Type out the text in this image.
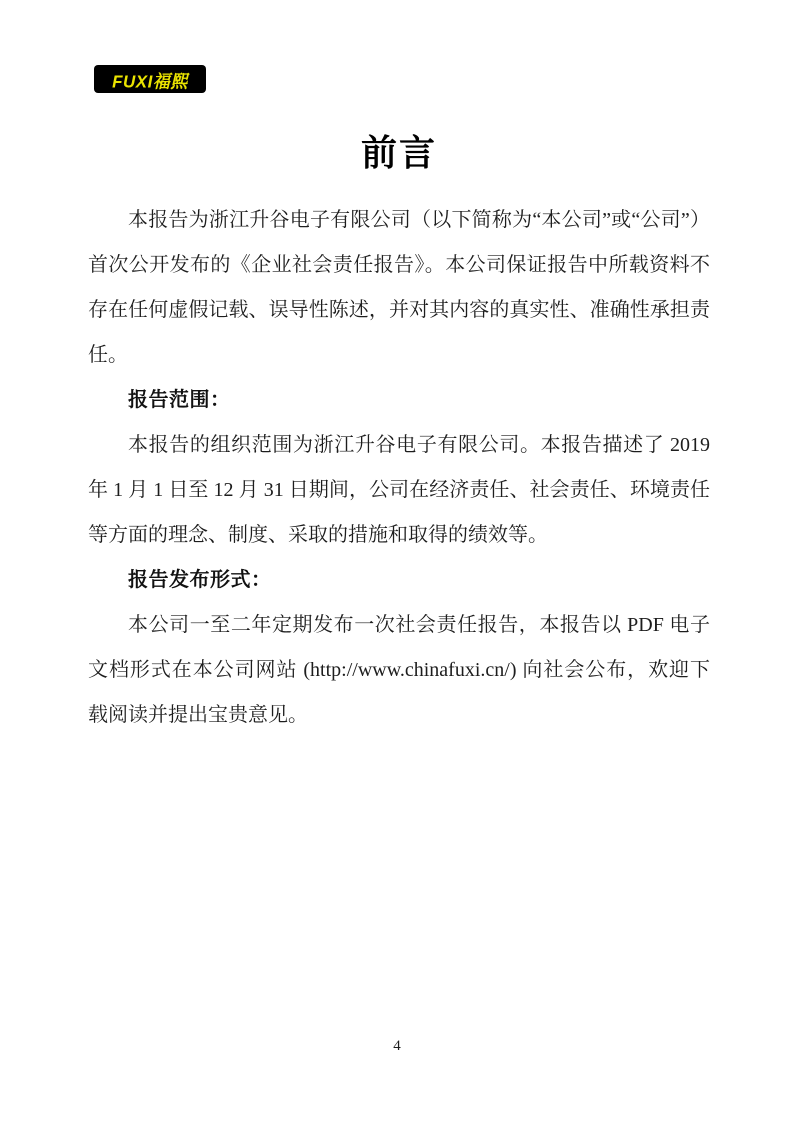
FUXI福熙
前言

本报告为浙江升谷电子有限公司（以下简称为“本公司”或“公司”）首次公开发布的《企业社会责任报告》。本公司保证报告中所载资料不存在任何虚假记载、误导性陈述，并对其内容的真实性、准确性承担责任。

报告范围：

本报告的组织范围为浙江升谷电子有限公司。本报告描述了 2019 年 1 月 1 日至 12 月 31 日期间，公司在经济责任、社会责任、环境责任等方面的理念、制度、采取的措施和取得的绩效等。

报告发布形式：

本公司一至二年定期发布一次社会责任报告，本报告以 PDF 电子文档形式在本公司网站 (http://www.chinafuxi.cn/) 向社会公布，欢迎下载阅读并提出宝贵意见。

4
